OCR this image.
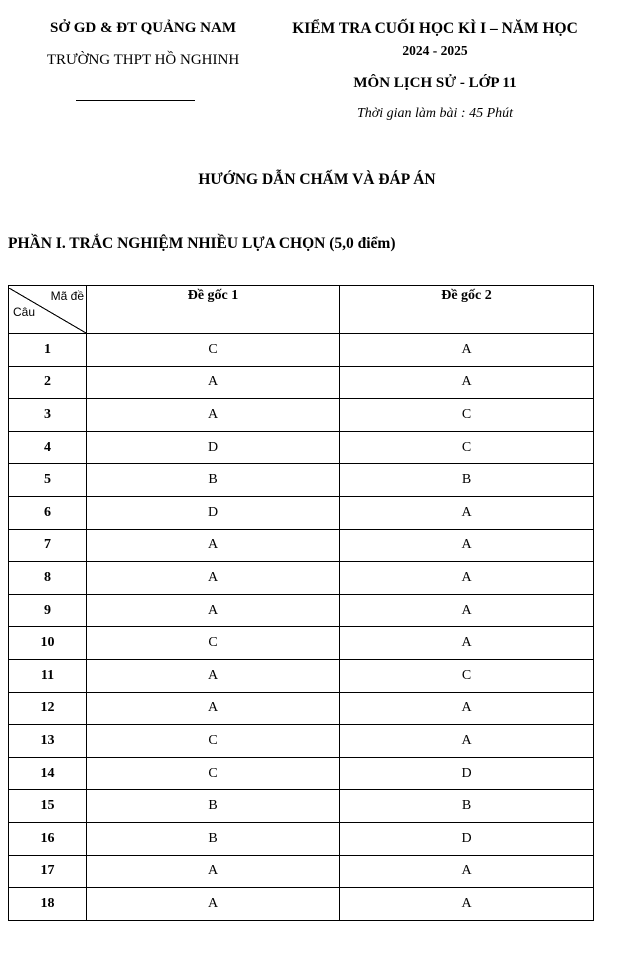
SỞ GD & ĐT QUẢNG NAM
TRƯỜNG THPT HỒ NGHINH
KIỂM TRA CUỐI HỌC KÌ I – NĂM HỌC
2024 - 2025
MÔN LỊCH SỬ - LỚP 11
Thời gian làm bài : 45 Phút
HƯỚNG DẪN CHẤM VÀ ĐÁP ÁN
PHẦN I. TRẮC NGHIỆM NHIỀU LỰA CHỌN (5,0 điểm)
Mã đề
Câu	Đề gốc 1	Đề gốc 2
1	C	A
2	A	A
3	A	C
4	D	C
5	B	B
6	D	A
7	A	A
8	A	A
9	A	A
10	C	A
11	A	C
12	A	A
13	C	A
14	C	D
15	B	B
16	B	D
17	A	A
18	A	A
